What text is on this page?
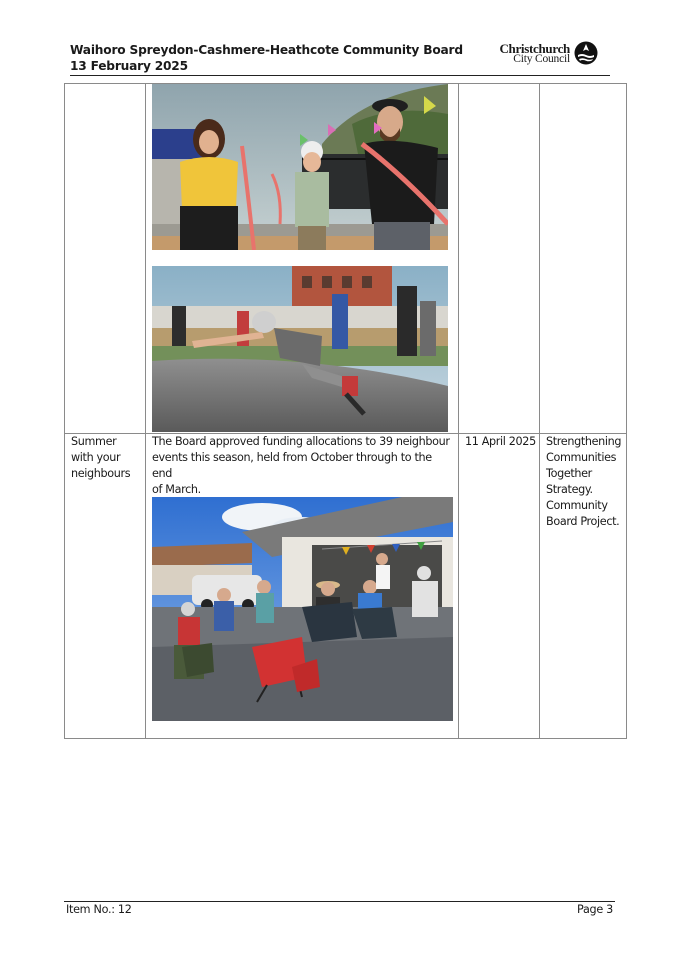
Waihoro Spreydon-Cashmere-Heathcote Community Board
13 February 2025
Christchurch
City Council
Summer
with your
neighbours
The Board approved funding allocations to 39 neighbour
events this season, held from October through to the end
of March.
11 April 2025 Strengthening
Communities
Together
Strategy.
Community
Board Project.
Item No.: 12	Page 3
